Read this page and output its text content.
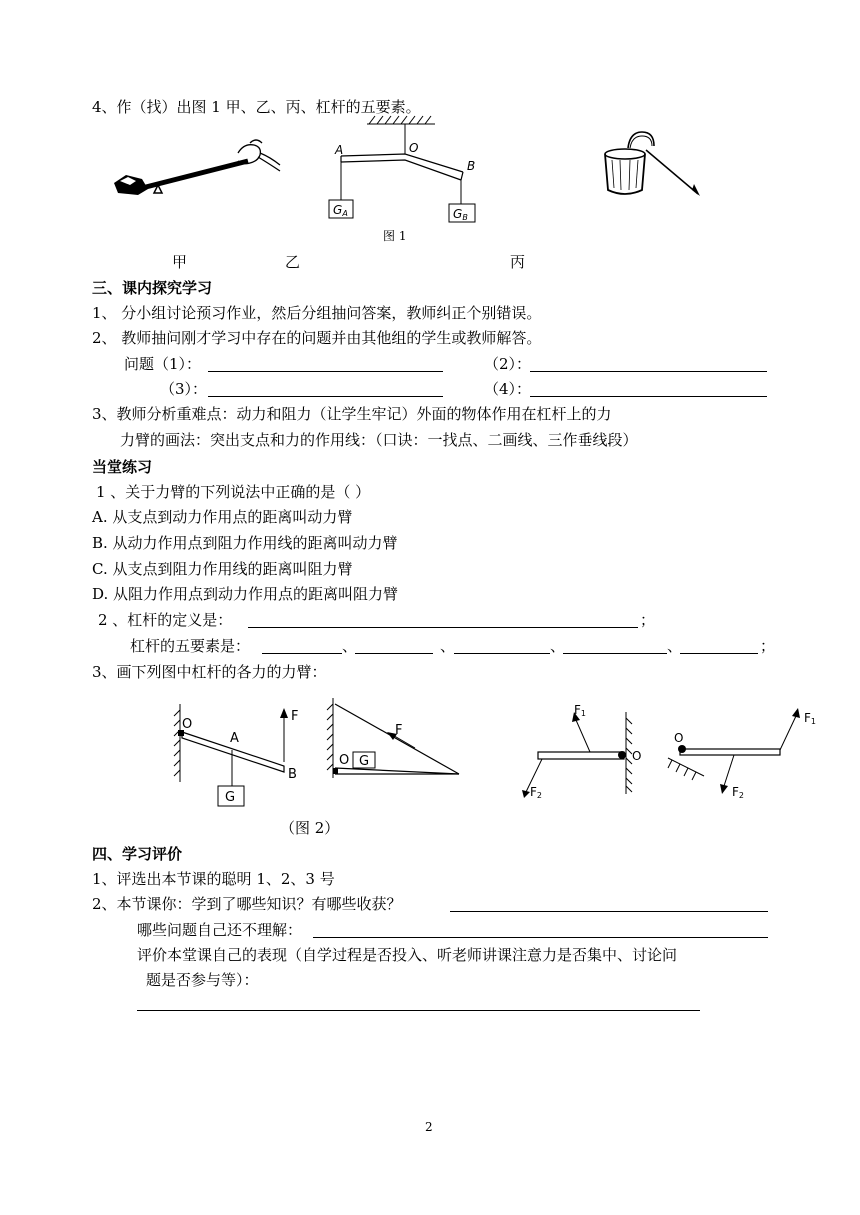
4、作（找）出图 1 甲、乙、丙、杠杆的五要素。
A	O
B
GA	GB
图 1
甲	乙	丙
三、课内探究学习
1、 分小组讨论预习作业，然后分组抽问答案，教师纠正个别错误。
2、 教师抽问刚才学习中存在的问题并由其他组的学生或教师解答。
问题（1）：	（2）：
（3）：	（4）：
3、教师分析重难点：动力和阻力（让学生牢记）外面的物体作用在杠杆上的力
力臂的画法：突出支点和力的作用线：（口诀：一找点、二画线、三作垂线段）
当堂练习
1 、关于力臂的下列说法中正确的是（ ）
A. 从支点到动力作用点的距离叫动力臂
B. 从动力作用点到阻力作用线的距离叫动力臂
C. 从支点到阻力作用线的距离叫阻力臂
D. 从阻力作用点到动力作用点的距离叫阻力臂
2 、杠杆的定义是：	；
杠杆的五要素是：	、	、	、	、	；
3、画下列图中杠杆的各力的力臂：
O
A
B
F
G
F
O G	O
F1
F2
O
F1
F2
（图 2）
四、学习评价
1、评选出本节课的聪明 1、2、3 号
2、本节课你：学到了哪些知识？有哪些收获？
哪些问题自己还不理解：
评价本堂课自己的表现（自学过程是否投入、听老师讲课注意力是否集中、讨论问
题是否参与等）：
2
